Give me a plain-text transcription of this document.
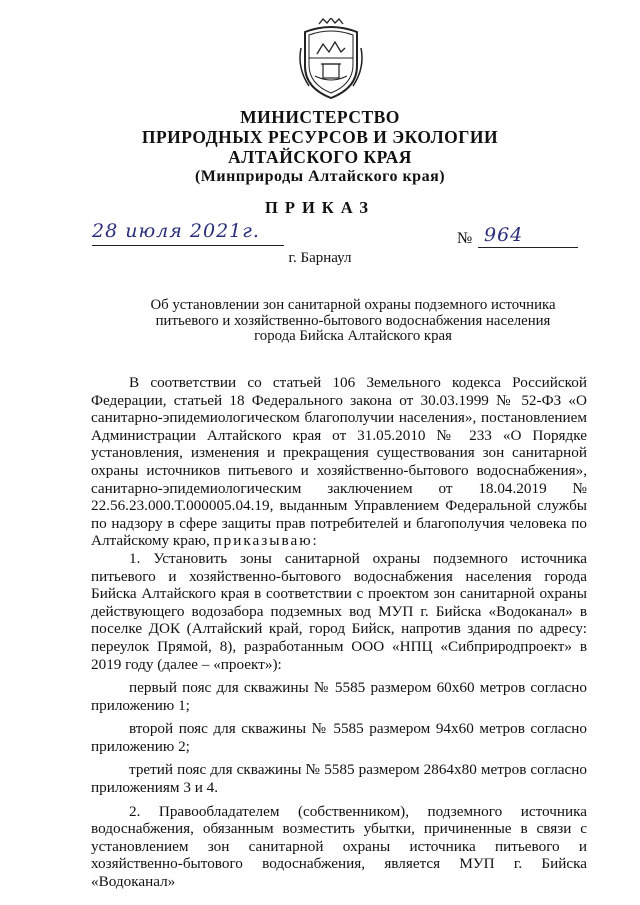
МИНИСТЕРСТВО
ПРИРОДНЫХ РЕСУРСОВ И ЭКОЛОГИИ
АЛТАЙСКОГО КРАЯ
(Минприроды Алтайского края)
ПРИКАЗ
28 июля 2021г.	№ 964
г. Барнаул
Об установлении зон санитарной охраны подземного источника
питьевого и хозяйственно-бытового водоснабжения населения
города Бийска Алтайского края

В соответствии со статьей 106 Земельного кодекса Российской Федерации, статьей 18 Федерального закона от 30.03.1999 № 52-ФЗ «О санитарно-эпидемиологическом благополучии населения», постановлением Администрации Алтайского края от 31.05.2010 № 233 «О Порядке установления, изменения и прекращения существования зон санитарной охраны источников питьевого и хозяйственно-бытового водоснабжения», санитарно-эпидемиологическим заключением от 18.04.2019 № 22.56.23.000.Т.000005.04.19, выданным Управлением Федеральной службы по надзору в сфере защиты прав потребителей и благополучия человека по Алтайскому краю, приказываю:

1. Установить зоны санитарной охраны подземного источника питьевого и хозяйственно-бытового водоснабжения населения города Бийска Алтайского края в соответствии с проектом зон санитарной охраны действующего водозабора подземных вод МУП г. Бийска «Водоканал» в поселке ДОК (Алтайский край, город Бийск, напротив здания по адресу: переулок Прямой, 8), разработанным ООО «НПЦ «Сибприродпроект» в 2019 году (далее – «проект»):

первый пояс для скважины № 5585 размером 60х60 метров согласно приложению 1;

второй пояс для скважины № 5585 размером 94х60 метров согласно приложению 2;

третий пояс для скважины № 5585 размером 2864х80 метров согласно приложениям 3 и 4.

2. Правообладателем (собственником), подземного источника водоснабжения, обязанным возместить убытки, причиненные в связи с установлением зон санитарной охраны источника питьевого и хозяйственно-бытового водоснабжения, является МУП г. Бийска «Водоканал»
